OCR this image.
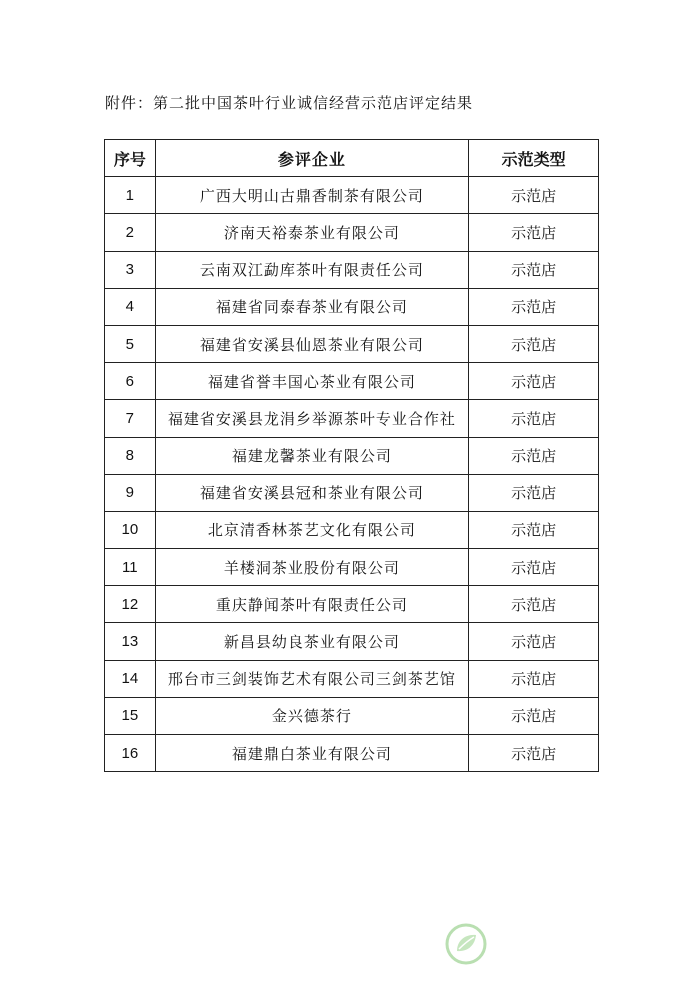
附件：第二批中国茶叶行业诚信经营示范店评定结果
序号	参评企业	示范类型
1	广西大明山古鼎香制茶有限公司	示范店
2	济南天裕泰茶业有限公司	示范店
3	云南双江勐库茶叶有限责任公司	示范店
4	福建省同泰春茶业有限公司	示范店
5	福建省安溪县仙恩茶业有限公司	示范店
6	福建省誉丰国心茶业有限公司	示范店
7	福建省安溪县龙涓乡举源茶叶专业合作社	示范店
8	福建龙馨茶业有限公司	示范店
9	福建省安溪县冠和茶业有限公司	示范店
10	北京清香林茶艺文化有限公司	示范店
11	羊楼洞茶业股份有限公司	示范店
12	重庆静闻茶叶有限责任公司	示范店
13	新昌县幼良茶业有限公司	示范店
14	邢台市三剑装饰艺术有限公司三剑茶艺馆	示范店
15	金兴德茶行	示范店
16	福建鼎白茶业有限公司	示范店
